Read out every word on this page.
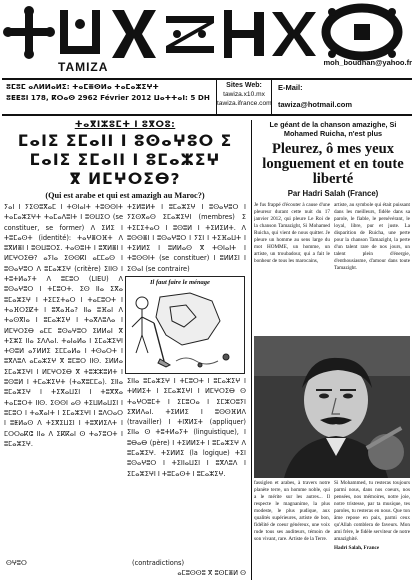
TAMIZA	moh_boudhan@yahoo.fr
ⵓⵎⵓⵎ ⴰⴷⵍⵍⴰⵍⵉ: ⵜⴰⵎⴻⵙⵍⴰ ⵜⴰⵎⴰⵣⵉⵖⵜ
ⵓⵟⵟⵓⵏ 178, ⴽⵔⴰⵙ 2962 Février 2012 ⵡⴰⵜⵜⴰⵏ: 5 DH
Sites Web:
tawiza.x10.mx
tawiza.ifrance.com
E-Mail:
tawiza@hotmail.com
ⵜⴰⴳⵏⵣⵓⵎⵜ ⵏ ⵓⴳⵔⵓ:
ⵎⴰⵏⵉ ⵉⵎⴰⵏⵏ ⵏ ⵓⵙⴰⵖⵓⵔ ⵉ
ⵎⴰⵏⵉ ⵉⵎⴰⵏⵏ ⵏ ⵓⵎⴰⵣⵉⵖ
ⴳ ⵍⵎⵖⵔⵉⴱ?
(Qui est arabe et qui est amazigh au Maroc?)
ⵢⴰⵏ ⵏ ⵢⵉⵙⵓⴳⴰⵎ ⵏ ⵜⵙⵏⴰⵏⵜ ⵜⵓⵙⵙⵏⵜ ⵜⴰⵎⴰⵣⵉⵖⵜ ⵜⴰⵎⴰⴷⵓⵏⵜ ⵏ ⵓⵙⵡⵉⵔ (se constituer, se former) ⴷ ⵉⵍⵉ ⵏ ⵜⵓⵎⴰⵙⵜ (identité): ⵜⴰⵖⴻⵔⴼⵜ ⴷ ⵓⴳⵍⴻⵏ ⵏ ⵓⵙⵡⵓⵔⵉ. ⵜⴰⵙⵓⵏⵜ ⵏ ⵓⴳⵍⴻⵏ ⵏ ⵍⵎⵖⵔⵉⴱ? ⴰⵢⵏⴰ ⵉⵙⵙⴽⵏ ⴰⵎⵎⴰⵙ ⵏ ⵓⵙⴰⵖⵓⵔ ⴷ ⵓⵎⴰⵣⵉⵖ (critère) ⵉⵏⵏⵙ ⵏ ⵜⵓⵜⵍⴰⵢⵜ ⴷ ⵓⵎⵓⵔ (LIEU) ⴷ ⵓⵙⴰⵖⵓⵔ ⵏ ⵜⵎⵓⵔⵜ. ⵉⵙ ⵏⵏⴰ ⵉⴳⴰ ⵓⵎⴰⵣⵉⵖ ⵏ ⵜⵉⵎⵉⵜⴰⵔ ⵏ ⵜⴰⵎⵓⵔⵜ ⵏ ⵜⴰⴼⵔⵉⵇⵜ ⵏ ⵓⴳⴰⴼⴰ? ⵏⵏⴰ ⵓⴼⴰⵏ ⴷ ⵜⴰⵙⴳⵏⴰ ⵏ ⵓⵎⴰⵣⵉⵖ ⵏ ⵜⴰⴳⴷⵓⴷⴰ ⵏ ⵍⵎⵖⵔⵉⴱ ⴰⵎⵎ ⵓⵙⴰⵖⵓⵔ ⵉⵍⵍⴰⵏ ⴳ ⵜⵉⵣⵉ ⵏⵏⴰ ⵉⴷⴷⴰⵏ. ⵜⴰⵏⴰⵍⴰ ⵏ ⵉⵎⴰⵣⵉⵖⵏ ⵜⵙⵓⵍ ⴰⵢⵍⵍⵉ ⵉⵎⵎⴰⵍⴰ ⵏ ⵜⵙⴰⵔⵜ ⵏ ⵓⴳⴷⵓⴷ ⴰⵎⴰⵣⵉⵖ ⴳ ⵓⵎⵓⵔ ⵏⵏⵙ. ⵉⵍⵍⴰ ⵉⵎⴰⵣⵉⵖⵏ ⵏ ⵍⵎⵖⵔⵉⴱ ⴳ ⵜⵓⵣⵣⵓⵍⵜ ⵏ ⵓⵙⵓⵍ ⵏ ⵜⵎⴰⵣⵉⵖⵜ (ⵜⴰⴳⵓⵎⵎⴰ). ⵉⵏⵏⴰ ⵓⵎⴰⵣⵉⵖ ⵏ ⵜⵉⴳⴰⵡⵉⵏ ⵏ ⵜⵓⴳⴳⴰ ⵜⴰⵎⵓⵔⵜ ⵏⵏⵙ. ⵉⵙⵙⵏ ⴰⵙ ⵜⵉⵡⵍⴰⵡⵉⵏ ⵏ ⵓⵎⵓⵔ ⵏ ⵜⴰⴳⴰⵏⵜ ⵏ ⵉⵎⴰⵣⵉⵖⵏ ⵏ ⵓⴷⵔⴰⵔ ⵏ ⵓⵟⵍⴰⵙ ⴷ ⵜⵉⴳⵉⵡⵉⵏ ⵏ ⵜⵓⴳⵍⵉⴷⵜ ⵏ ⵎⵔⵔⴰⴽⵛ ⵏⵏⴰ ⴷ ⵉⴽⴽⴰⵏ ⵙ ⵜⴰⵢⵓⵔⵜ ⵏ ⵓⵎⴰⵣⵉⵖ.
ⵜⵉⵍⵓⵍⵜ ⵏ ⵓⵎⴰⵣⵉⵖ ⵏ ⵓⵙⴰⵖⵓⵔ ⵏ ⵢⵉⵙⴳⴰⵙ ⵉⵎⴰⵣⵉⵖⵏ (membres) ⵉ ⵜⵉⵎⵉⵜⴰⵔ ⵏ ⵓⵙⵓⵍ ⵏ ⵜⵉⵍⵉⵍⵜ. ⴷ ⵓⵙⵙⴻⵏ ⵏ ⵓⵙⴰⵖⵓⵔ ⵏ ⵢⵉⵏ ⵏ ⵜⵉⴼⴰⵡⵜ ⵏ ⵜⵉⵍⵍⵉ ⵏ ⵓⵍⵍⴰⵙ ⴳ ⵜⵙⵏⴰⵏⵜ ⵏ ⵜⵓⵙⵙⵏⵜ (se constituer) ⵏ ⵓⵍⵍⵉⵏ ⵏ ⵉⵙⴰⵏ (se contraire)
ⵉⵏⵏⴰ ⵓⵎⴰⵣⵉⵖ ⵏ ⵜⵎⵓⵔⵜ ⵏ ⵓⵎⴰⵣⵉⵖ ⵏ ⵜⵍⵍⵉⵜ ⵏ ⵉⵎⴰⵣⵉⵖⵏ ⵏ ⵍⵎⵖⵔⵉⴱ ⵙ ⵜⴰⵖⵔⵓⵎⵜ ⵏ ⵉⵎⵓⵔⴰ ⵏ ⵉⵎⵣⵔⵓⵢⵏ ⵉⴳⵍⴷⴰⵏ. ⵜⵉⵍⵍⵉ ⵏ ⵓⵙⵙⴼⵍⴷ (travailler) ⵏ ⵜⵏⴳⵍⵉⵜ (appliquer) ⵉⵏⵏⴰ ⵙ ⵜⵓⵜⵍⴰⵢⵜ (linguistique), ⵏ ⵓⴱⴰⴱ (père) ⵏ ⵜⵉⵍⵍⵉⵜ ⵏ ⵓⵎⴰⵣⵉⵖ ⴷ ⵓⵎⴰⵣⵉⵖ. ⵜⵉⵍⵍⵉ (la logique) ⵜⵉⵏ ⵓⵙⴰⵖⵓⵔ ⵏ ⵜⵉⵏⵏⴰⵡⵉⵏ ⵏ ⵓⴳⴷⵓⴷ ⵏ ⵉⵎⴰⵣⵉⵖⵏ ⵏ ⵜⵓⵎⴰⵙⵜ ⵏ ⵓⵎⴰⵣⵉⵖ.
Il faut faire le ménage
ⵙⵖⵓⵔ	(contradictions)
ⴰⵎⵓⵙⵙⵓ ⴳ ⵓⵙⵎⴻⵍ ⵙ
Le géant de la chanson amazighe, Si Mohamed Ruicha, n'est plus
Pleurez, ô mes yeux longuement et en toute liberté
Par Hadri Salah (France)
Je fus frappé d'écouter à cause d'une pleureur durant cette nuit du 17 janvier 2012, qui pleure Le Roi de la chanson Tamazight, Si Mohamed Ruicha, qui vient de nous quitter. Je pleure un homme au sens large du mot HOMME, un homme, un artiste, un troubadour, qui a fait le bonheur de tous les marocains,
artiste, au symbole qui était puissant dans les meilleurs, fidèle dans sa parole, le fiable, le persévérant, le loyal, libre, pur et juste. La disparition de Ruicha, une perte pour la chanson Tamazight, la perte d'un talent rare de nos jours, un talent plein d'énergie, d'enthousiasme, d'amour dans toute Tamazight.
fassiglen et arabes, à travers notre planète terre, un homme noble, qui a le mérite sur les autres... Il respecte le magnanime, la plus modeste, le plus pudique, aux qualités supérieures, artiste de bon, fidélité de coeur généreux, une voix rude tous ses auditeurs, témoin de son vivant, rare. Artiste de la Terre.
Si Mohammed, tu resteras toujours parmi nous, dans nos coeurs, nos pensées, nos mémoires, notre joie, notre tristesse, par ta musique, tes paroles, tu resteras en nous. Que ton âme repose en paix, parmi ceux qu'Allah comblera de faveurs. Mon ami frère, le fidèle serviteur de notre amazighité.
Hadri Salah, France
